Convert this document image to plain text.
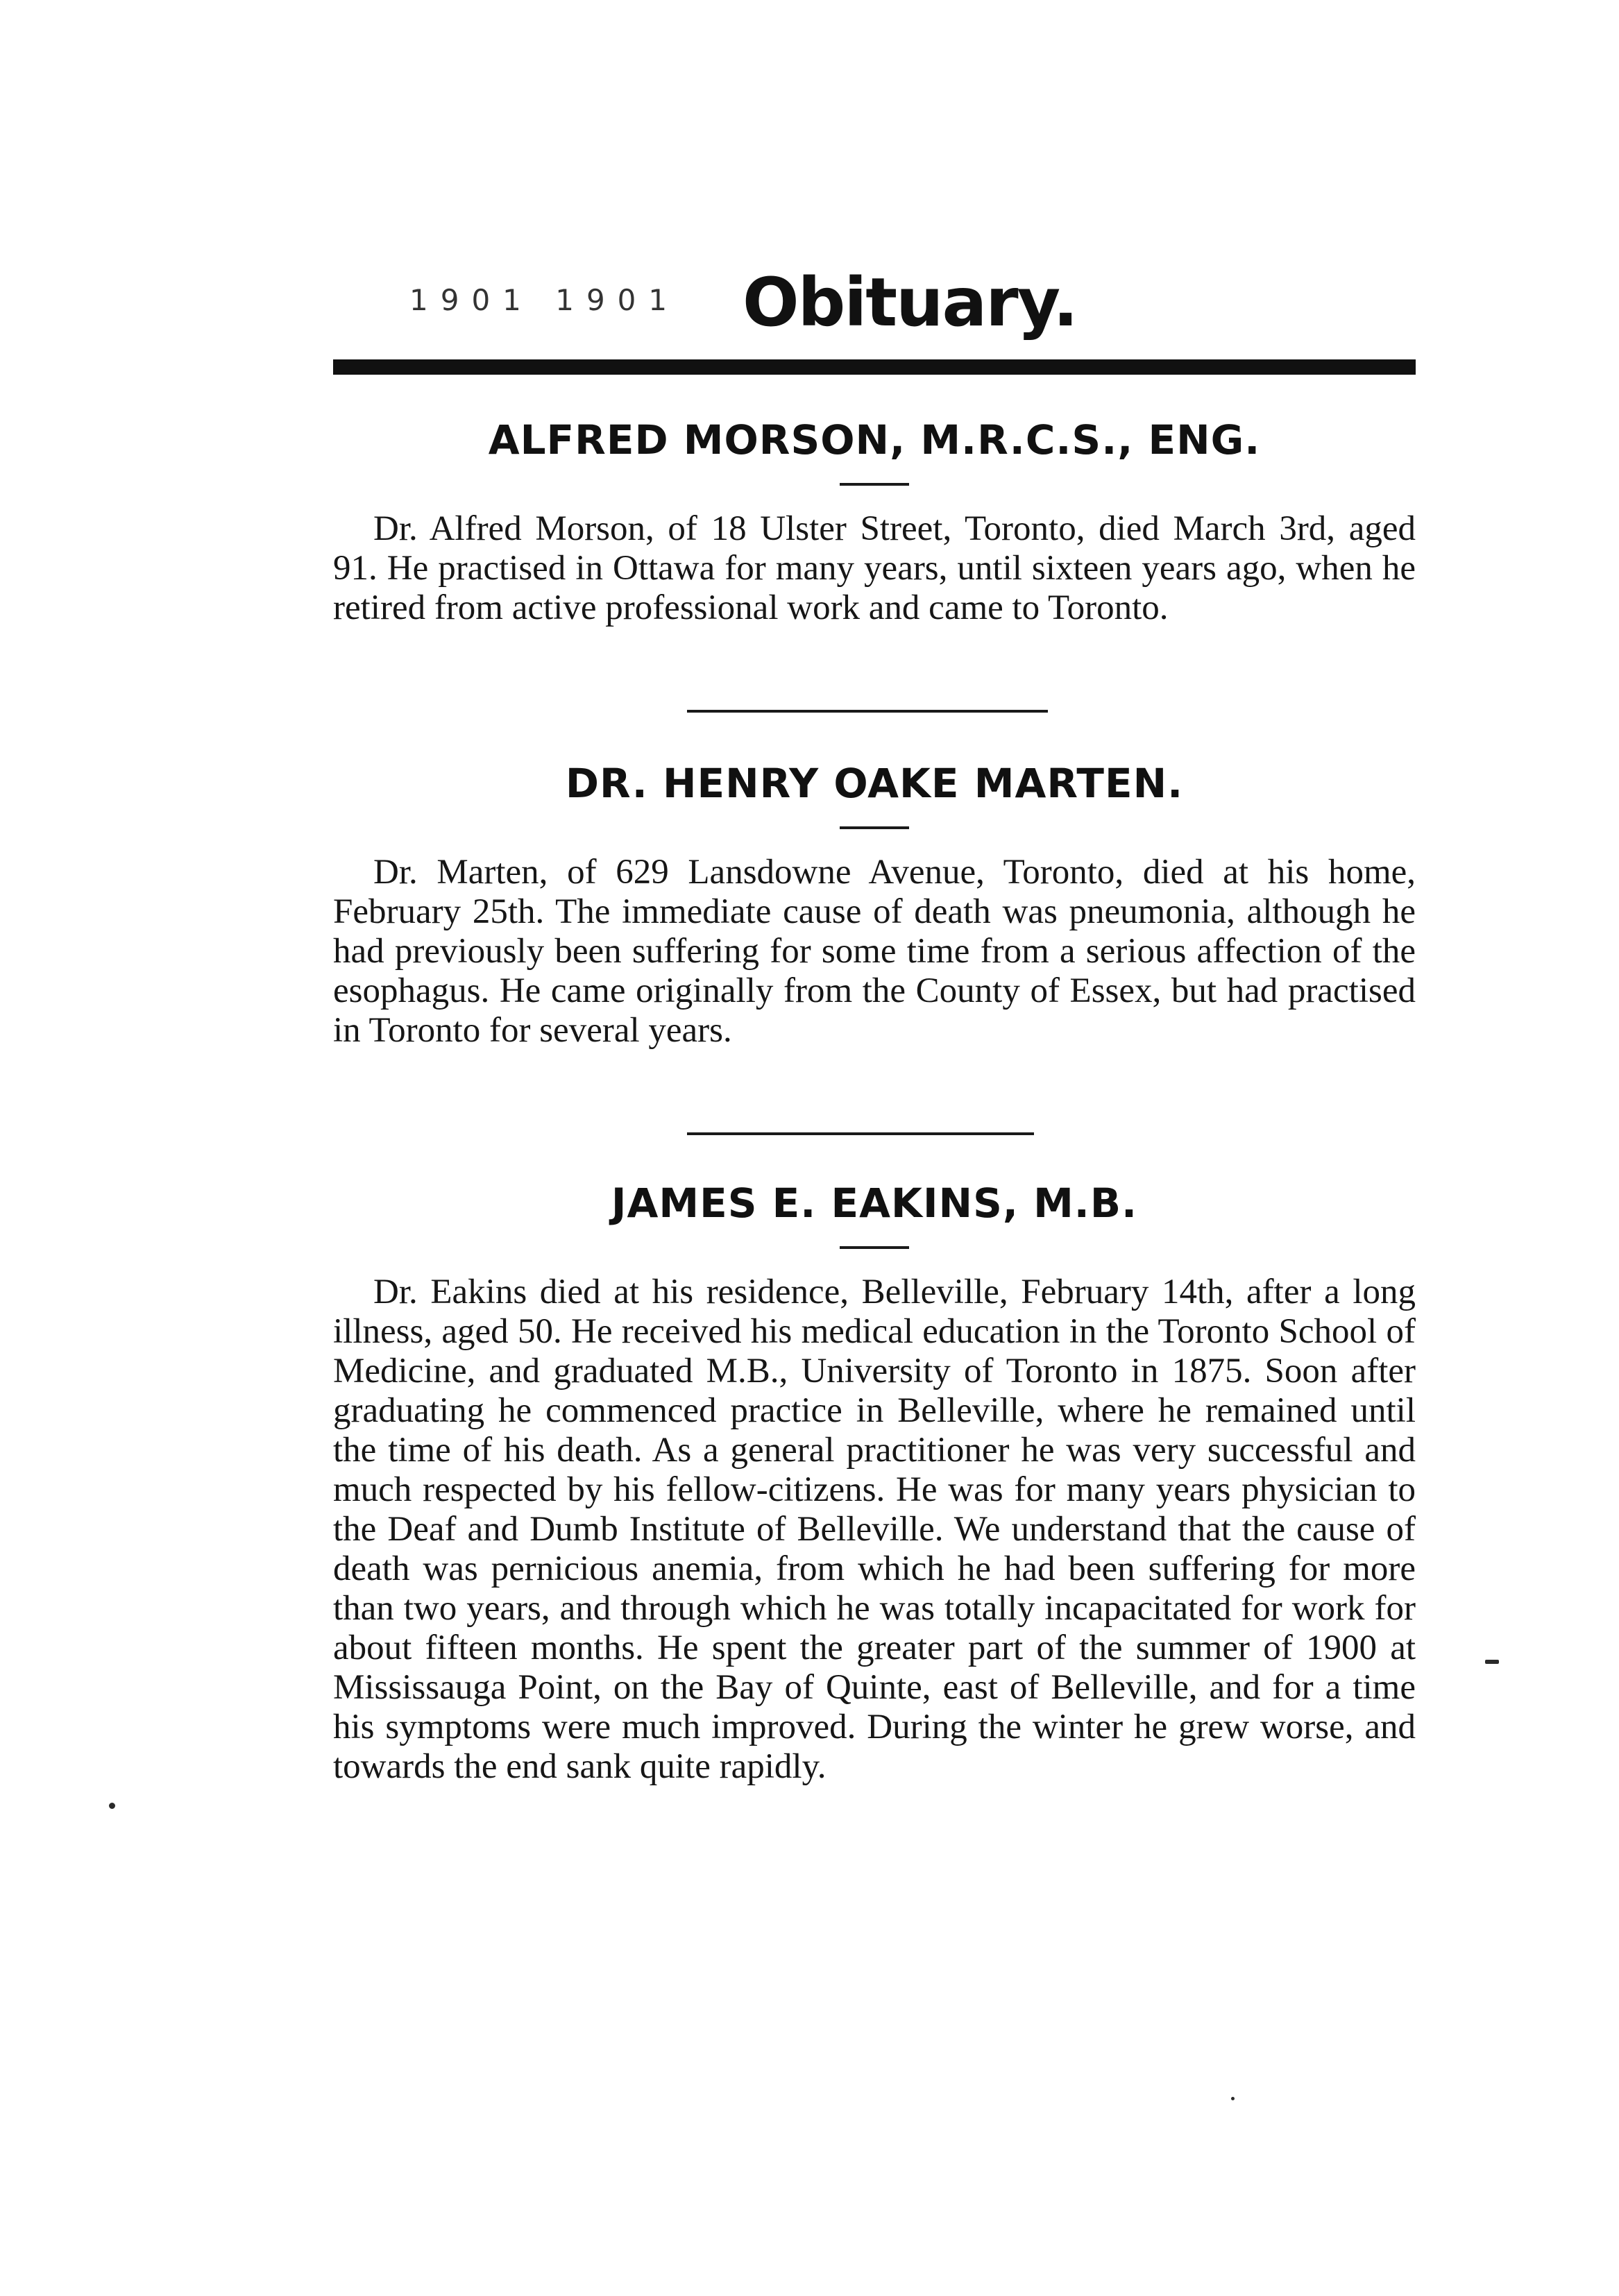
1901 1901 Obituary.
ALFRED MORSON, M.R.C.S., ENG.

Dr. Alfred Morson, of 18 Ulster Street, Toronto, died March 3rd, aged 91. He practised in Ottawa for many years, until sixteen years ago, when he retired from active professional work and came to Toronto.

DR. HENRY OAKE MARTEN.

Dr. Marten, of 629 Lansdowne Avenue, Toronto, died at his home, February 25th. The immediate cause of death was pneumonia, although he had previously been suffering for some time from a serious affection of the esophagus. He came originally from the County of Essex, but had practised in Toronto for several years.

JAMES E. EAKINS, M.B.

Dr. Eakins died at his residence, Belleville, February 14th, after a long illness, aged 50. He received his medical education in the Toronto School of Medicine, and graduated M.B., University of Toronto in 1875. Soon after graduating he commenced practice in Belleville, where he remained until the time of his death. As a general practitioner he was very successful and much respected by his fellow-citizens. He was for many years physician to the Deaf and Dumb Institute of Belleville. We understand that the cause of death was pernicious anemia, from which he had been suffering for more than two years, and through which he was totally incapacitated for work for about fifteen months. He spent the greater part of the summer of 1900 at Mississauga Point, on the Bay of Quinte, east of Belleville, and for a time his symptoms were much improved. During the winter he grew worse, and towards the end sank quite rapidly.
